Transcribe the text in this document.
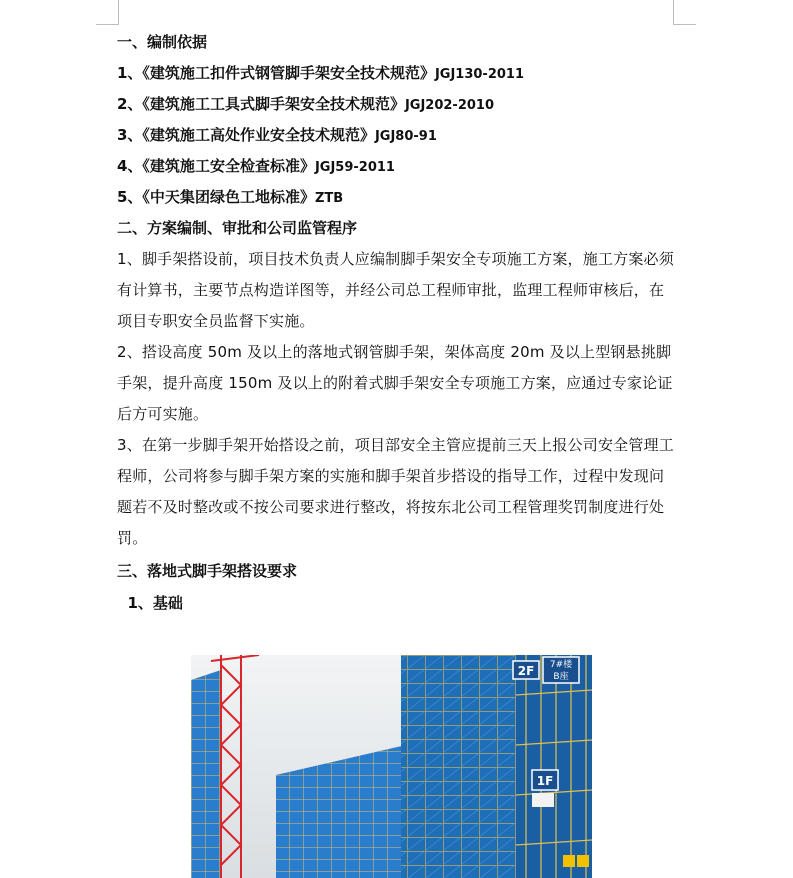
一、编制依据
1、《建筑施工扣件式钢管脚手架安全技术规范》JGJ130-2011
2、《建筑施工工具式脚手架安全技术规范》JGJ202-2010
3、《建筑施工高处作业安全技术规范》JGJ80-91
4、《建筑施工安全检查标准》JGJ59-2011
5、《中天集团绿色工地标准》ZTB
二、方案编制、审批和公司监管程序
1、脚手架搭设前，项目技术负责人应编制脚手架安全专项施工方案，施工方案必须有计算书，主要节点构造详图等，并经公司总工程师审批，监理工程师审核后，在项目专职安全员监督下实施。
2、搭设高度 50m 及以上的落地式钢管脚手架，架体高度 20m 及以上型钢悬挑脚手架，提升高度 150m 及以上的附着式脚手架安全专项施工方案，应通过专家论证后方可实施。
3、在第一步脚手架开始搭设之前，项目部安全主管应提前三天上报公司安全管理工程师，公司将参与脚手架方案的实施和脚手架首步搭设的指导工作，过程中发现问题若不及时整改或不按公司要求进行整改，将按东北公司工程管理奖罚制度进行处罚。
三、落地式脚手架搭设要求
1、基础
2F 7#楼
B座
1F
